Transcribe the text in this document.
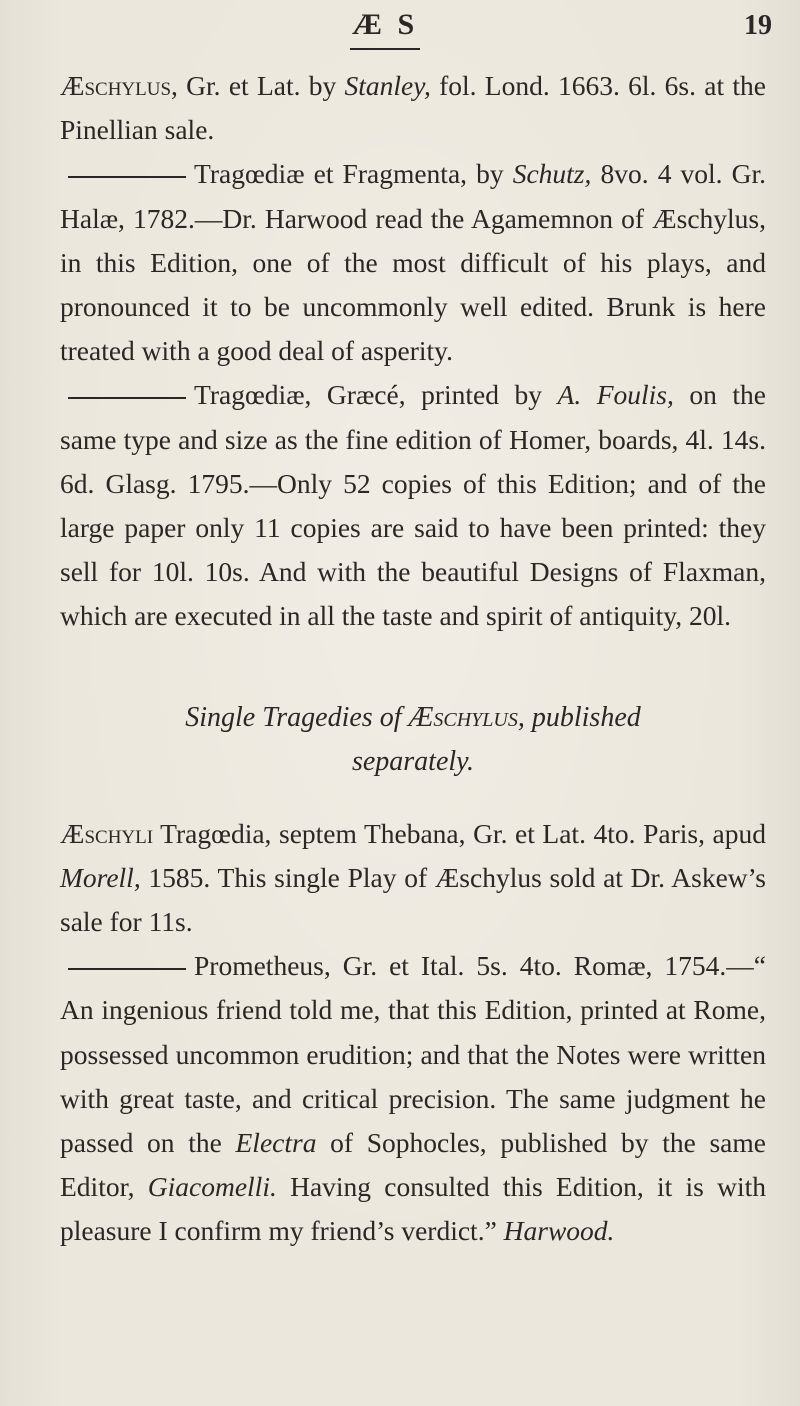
Æ S	19

Æschylus, Gr. et Lat. by Stanley, fol. Lond. 1663. 6l. 6s. at the Pinellian sale.

Tragœdiæ et Fragmenta, by Schutz, 8vo. 4 vol. Gr. Halæ, 1782.—Dr. Harwood read the Agamemnon of Æschylus, in this Edition, one of the most difficult of his plays, and pronounced it to be uncommonly well edited. Brunk is here treated with a good deal of asperity.

Tragœdiæ, Græcé, printed by A. Foulis, on the same type and size as the fine edition of Homer, boards, 4l. 14s. 6d. Glasg. 1795.—Only 52 copies of this Edition; and of the large paper only 11 copies are said to have been printed: they sell for 10l. 10s. And with the beautiful Designs of Flaxman, which are executed in all the taste and spirit of antiquity, 20l.

Single Tragedies of Æschylus, published
separately.

Æschyli Tragœdia, septem Thebana, Gr. et Lat. 4to. Paris, apud Morell, 1585. This single Play of Æschylus sold at Dr. Askew’s sale for 11s.

Prometheus, Gr. et Ital. 5s. 4to. Romæ, 1754.—“ An ingenious friend told me, that this Edition, printed at Rome, possessed uncommon erudition; and that the Notes were written with great taste, and critical precision. The same judgment he passed on the Electra of Sophocles, published by the same Editor, Giacomelli. Having consulted this Edition, it is with pleasure I confirm my friend’s verdict.” Harwood.
